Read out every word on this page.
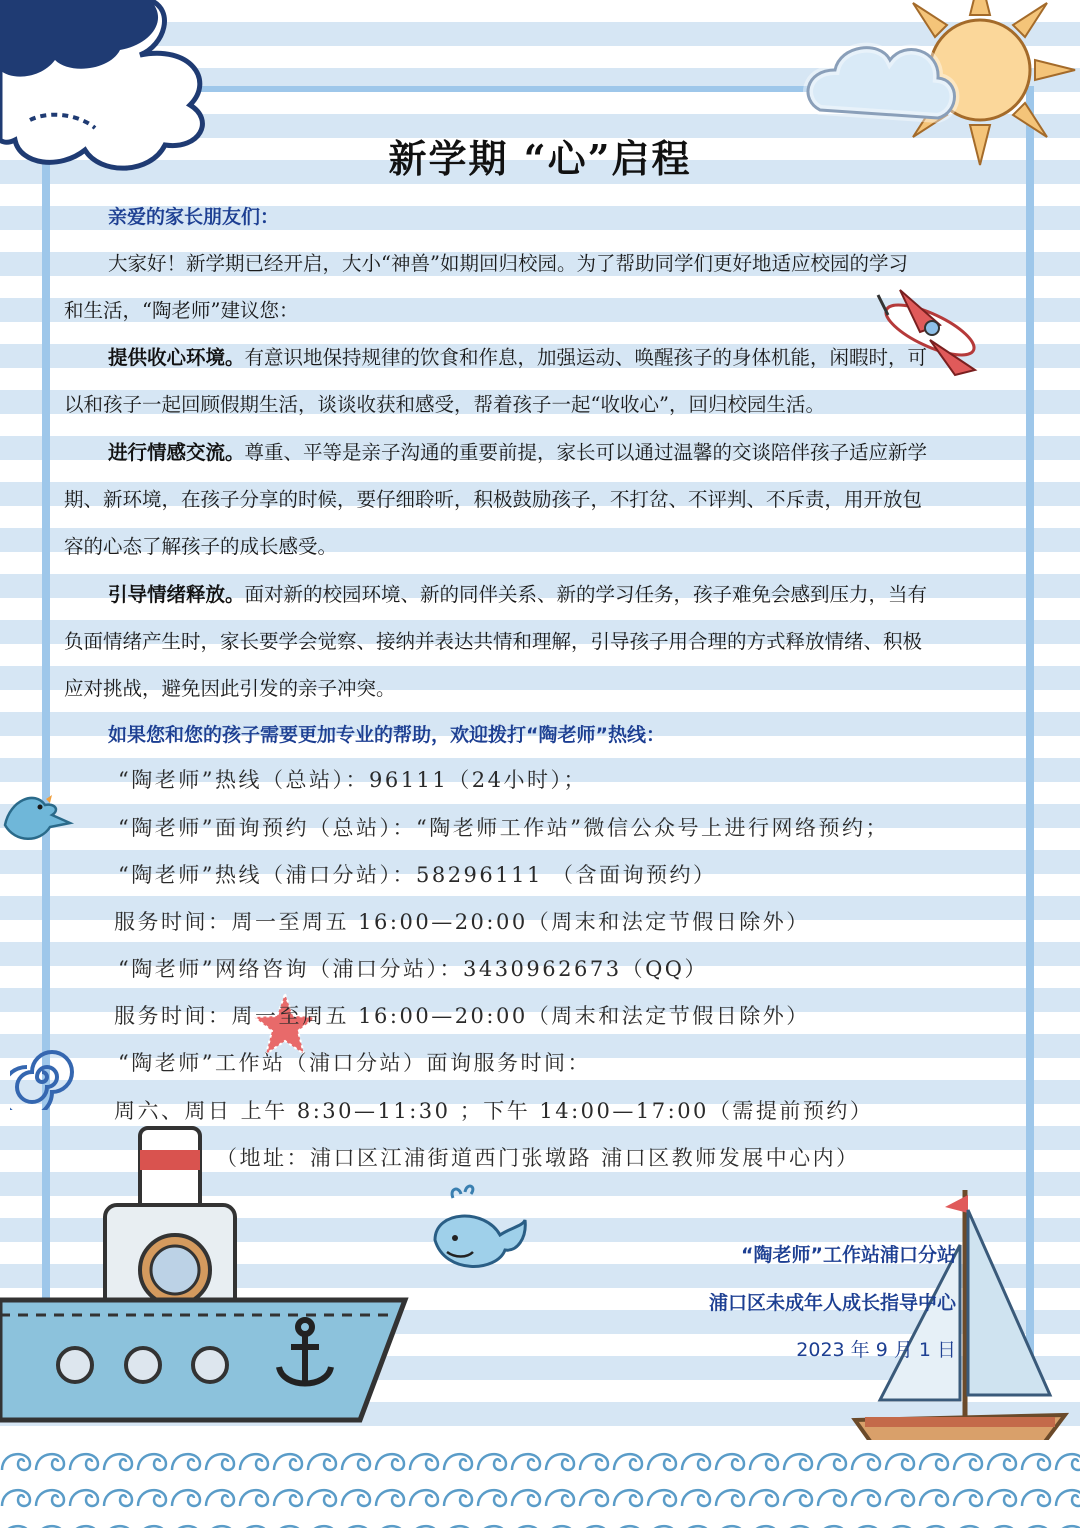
新学期 “心”启程

亲爱的家长朋友们：

大家好！新学期已经开启，大小“神兽”如期回归校园。为了帮助同学们更好地适应校园的学习

和生活，“陶老师”建议您：

提供收心环境。有意识地保持规律的饮食和作息，加强运动、唤醒孩子的身体机能，闲暇时，可

以和孩子一起回顾假期生活，谈谈收获和感受，帮着孩子一起“收收心”，回归校园生活。

进行情感交流。尊重、平等是亲子沟通的重要前提，家长可以通过温馨的交谈陪伴孩子适应新学

期、新环境，在孩子分享的时候，要仔细聆听，积极鼓励孩子，不打岔、不评判、不斥责，用开放包

容的心态了解孩子的成长感受。

引导情绪释放。面对新的校园环境、新的同伴关系、新的学习任务，孩子难免会感到压力，当有

负面情绪产生时，家长要学会觉察、接纳并表达共情和理解，引导孩子用合理的方式释放情绪、积极

应对挑战，避免因此引发的亲子冲突。

如果您和您的孩子需要更加专业的帮助，欢迎拨打“陶老师”热线：

“陶老师”热线（总站）：96111（24小时）；

“陶老师”面询预约（总站）：“陶老师工作站”微信公众号上进行网络预约；

“陶老师”热线（浦口分站）：58296111 （含面询预约）

服务时间：周一至周五 16:00—20:00（周末和法定节假日除外）

“陶老师”网络咨询（浦口分站）：3430962673（QQ）

服务时间：周一至周五 16:00—20:00（周末和法定节假日除外）

“陶老师”工作站（浦口分站）面询服务时间：

周六、周日 上午 8:30—11:30 ；下午 14:00—17:00（需提前预约）

（地址：浦口区江浦街道西门张墩路 浦口区教师发展中心内）

“陶老师”工作站浦口分站

浦口区未成年人成长指导中心

2023 年 9 月 1 日
